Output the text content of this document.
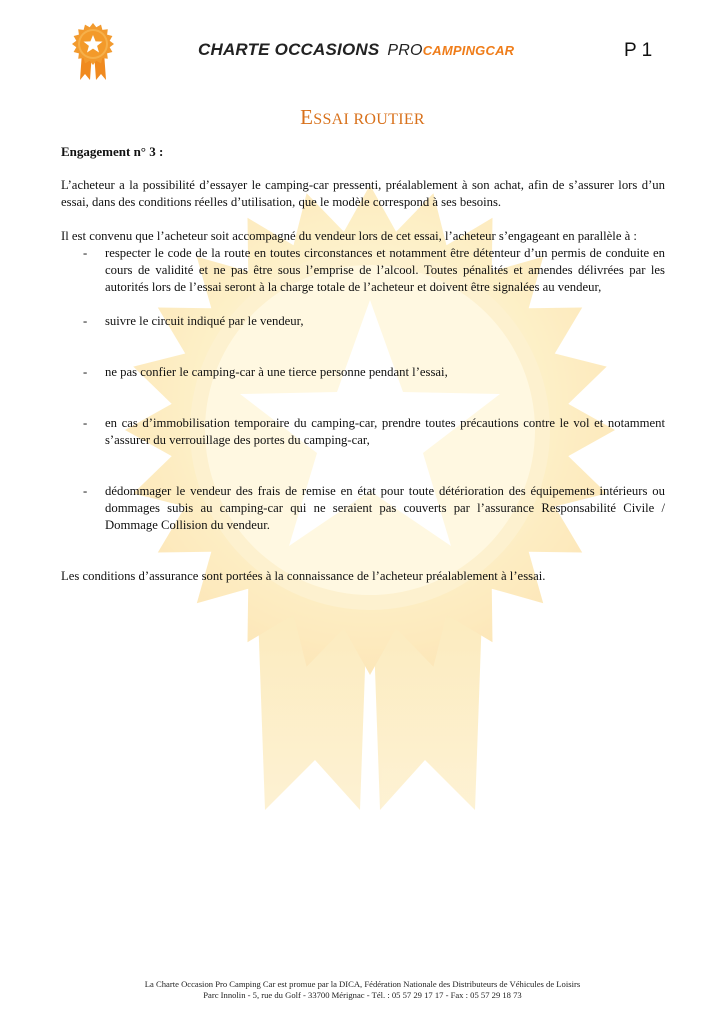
CHARTE OCCASIONS PROCAMPINGCAR	P 1
ESSAI ROUTIER

Engagement n° 3 :

L’acheteur a la possibilité d’essayer le camping-car pressenti, préalablement à son achat, afin de s’assurer lors d’un essai, dans des conditions réelles d’utilisation, que le modèle correspond à ses besoins.

Il est convenu que l’acheteur soit accompagné du vendeur lors de cet essai, l’acheteur s’engageant en parallèle à :

- respecter le code de la route en toutes circonstances et notamment être détenteur d’un permis de conduite en cours de validité et ne pas être sous l’emprise de l’alcool. Toutes pénalités et amendes délivrées par les autorités lors de l’essai seront à la charge totale de l’acheteur et doivent être signalées au vendeur,
- suivre le circuit indiqué par le vendeur,
- ne pas confier le camping-car à une tierce personne pendant l’essai,
- en cas d’immobilisation temporaire du camping-car, prendre toutes précautions contre le vol et notamment s’assurer du verrouillage des portes du camping-car,
- dédommager le vendeur des frais de remise en état pour toute détérioration des équipements intérieurs ou dommages subis au camping-car qui ne seraient pas couverts par l’assurance Responsabilité Civile / Dommage Collision du vendeur.

Les conditions d’assurance sont portées à la connaissance de l’acheteur préalablement à l’essai.

La Charte Occasion Pro Camping Car est promue par la DICA, Fédération Nationale des Distributeurs de Véhicules de Loisirs
Parc Innolin - 5, rue du Golf - 33700 Mérignac - Tél. : 05 57 29 17 17 - Fax : 05 57 29 18 73
